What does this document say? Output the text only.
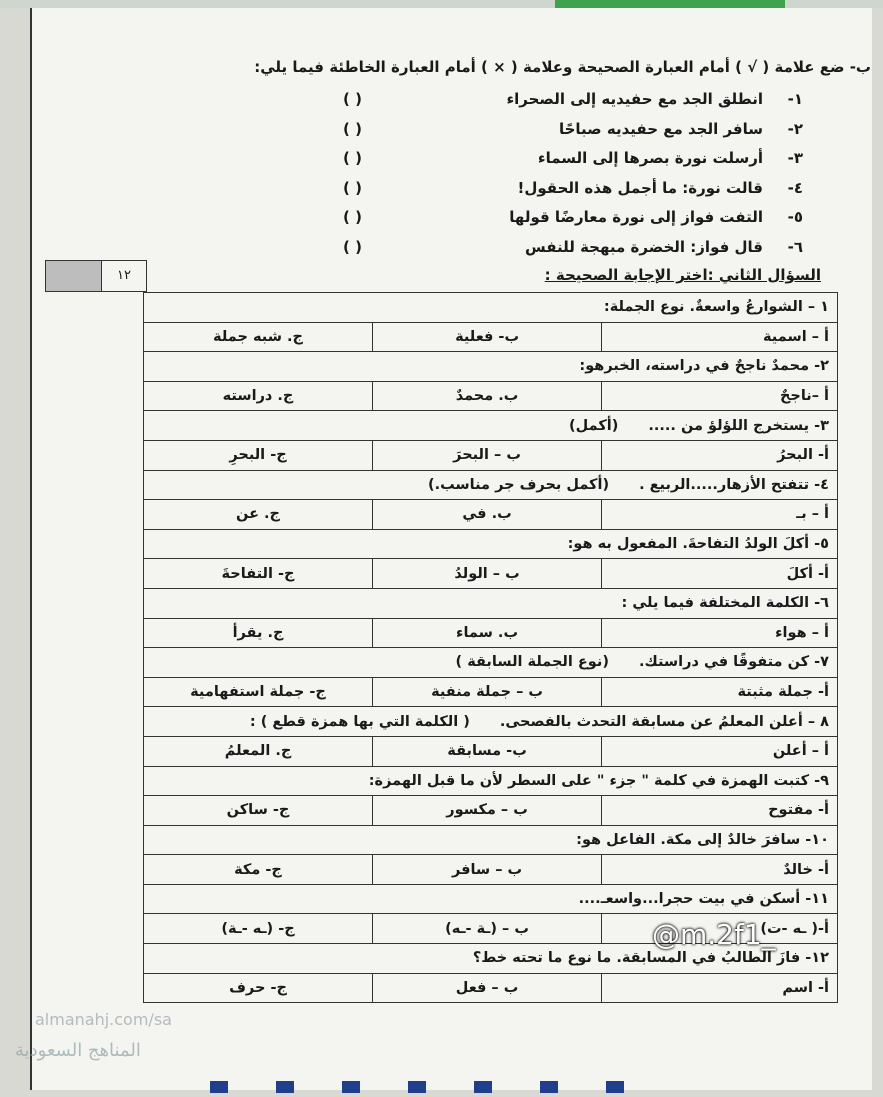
ب- ضع علامة ( √ ) أمام العبارة الصحيحة وعلامة ( × ) أمام العبارة الخاطئة فيما يلي:
١-انطلق الجد مع حفيديه إلى الصحراء
( )
٢-سافر الجد مع حفيديه صباحًا
( )
٣-أرسلت نورة بصرها إلى السماء
( )
٤-قالت نورة: ما أجمل هذه الحقول!
( )
٥-التفت فواز إلى نورة معارضًا قولها
( )
٦-قال فواز: الخضرة مبهجة للنفس
( )
١٢	السؤال الثاني :اختر الإجابة الصحيحة :
١ – الشوارعُ واسعةٌ. نوع الجملة:		
أ – اسمية	ب- فعلية	ج. شبه جملة
٢- محمدٌ ناجحٌ في دراسته، الخبرهو:		
أ –ناجحٌ	ب. محمدٌ	ج. دراسته
٣- يستخرج اللؤلؤ من .....(أكمل)		
أ- البحرُ	ب – البحرَ	ج- البحرِ
٤- تتفتح الأزهار.....الربيع .(أكمل بحرف جر مناسب.)		
أ – بـ	ب. في	ج. عن
٥- أكلَ الولدُ التفاحةَ. المفعول به هو:		
أ- أكلَ	ب – الولدُ	ج- التفاحةَ
٦- الكلمة المختلفة فيما يلي :		
أ – هواء	ب. سماء	ج. يقرأ
٧- كن متفوقًا في دراستك.(نوع الجملة السابقة )		
أ- جملة مثبتة	ب – جملة منفية	ج- جملة استفهامية
٨ – أعلن المعلمُ عن مسابقة التحدث بالفصحى.( الكلمة التي بها همزة قطع ) :		
أ – أعلن	ب- مسابقة	ج. المعلمُ
٩- كتبت الهمزة في كلمة " جزء " على السطر لأن ما قبل الهمزة:		
أ- مفتوح	ب – مكسور	ج- ساكن
١٠- سافرَ خالدٌ إلى مكة. الفاعل هو:		
أ- خالدٌ	ب – سافر	ج- مكة
١١- أسكن في بيت حجرا...واسعـ....		
أ-( ـه -ت)	ب – (ـة -ـه)	ج- (ـه -ـة)
١٢- فازَ الطالبُ في المسابقة. ما نوع ما تحته خط؟		
أ- اسم	ب – فعل	ج- حرف
@m.2f1_
almanahj.com/sa
المناهج السعودية
